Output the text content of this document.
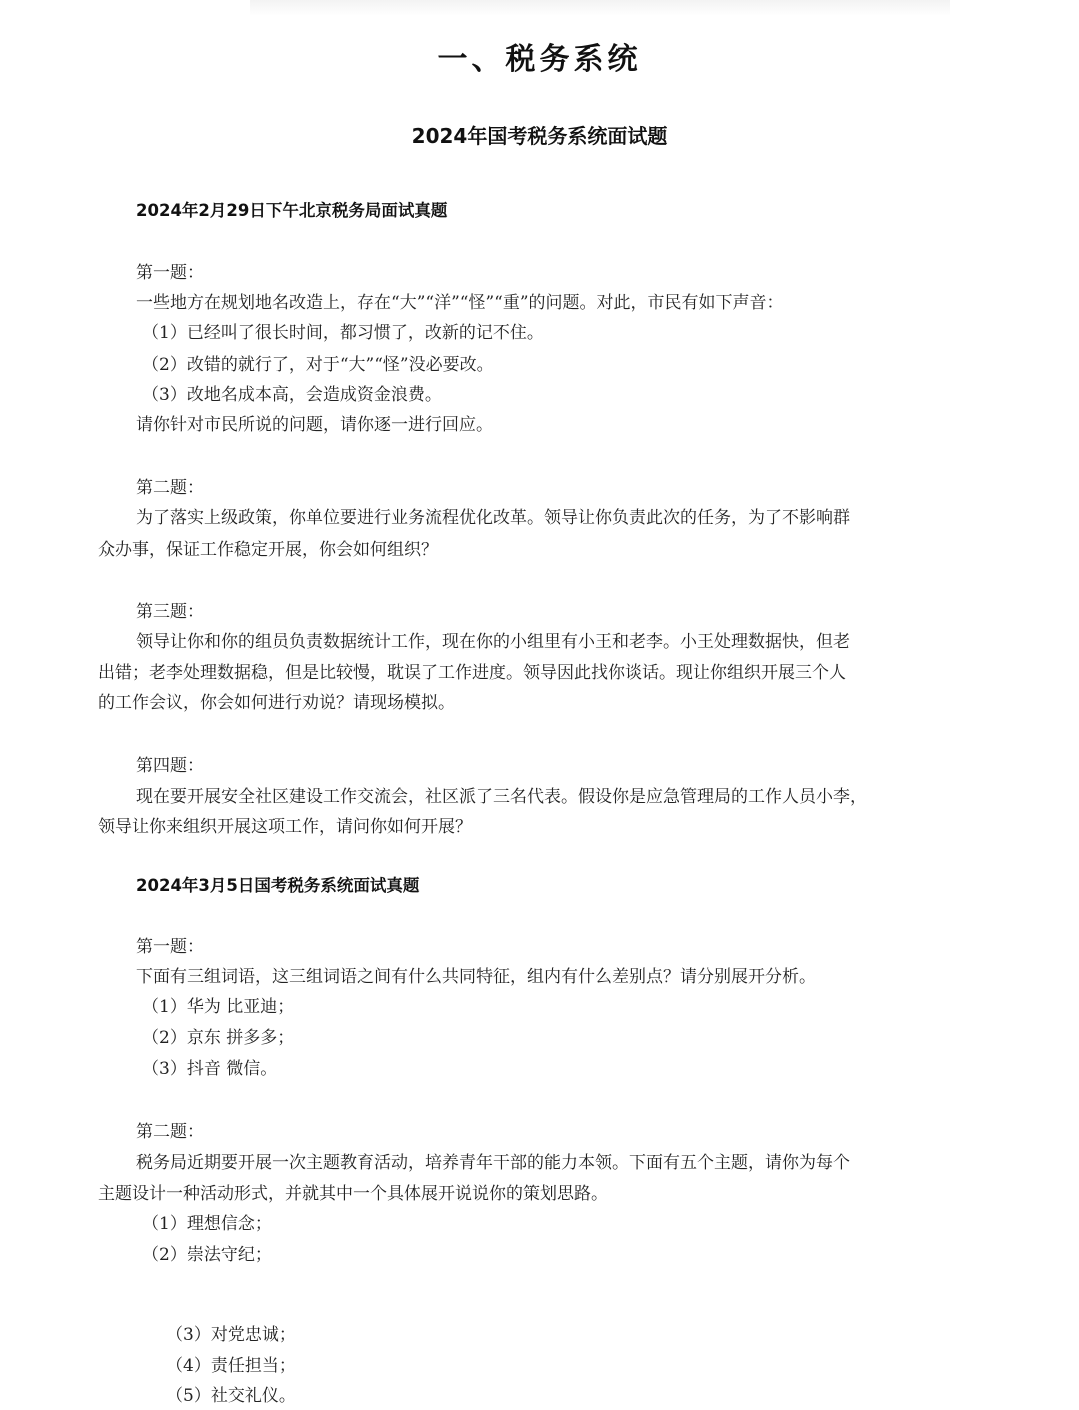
一、税务系统
2024年国考税务系统面试题
2024年2月29日下午北京税务局面试真题
第一题：
一些地方在规划地名改造上，存在“大”“洋”“怪”“重”的问题。对此，市民有如下声音：
（1）已经叫了很长时间，都习惯了，改新的记不住。
（2）改错的就行了，对于“大”“怪”没必要改。
（3）改地名成本高，会造成资金浪费。
请你针对市民所说的问题，请你逐一进行回应。
第二题：
为了落实上级政策，你单位要进行业务流程优化改革。领导让你负责此次的任务，为了不影响群
众办事，保证工作稳定开展，你会如何组织？
第三题：
领导让你和你的组员负责数据统计工作，现在你的小组里有小王和老李。小王处理数据快，但老
出错；老李处理数据稳，但是比较慢，耽误了工作进度。领导因此找你谈话。现让你组织开展三个人
的工作会议，你会如何进行劝说？请现场模拟。
第四题：
现在要开展安全社区建设工作交流会，社区派了三名代表。假设你是应急管理局的工作人员小李，
领导让你来组织开展这项工作，请问你如何开展？
2024年3月5日国考税务系统面试真题
第一题：
下面有三组词语，这三组词语之间有什么共同特征，组内有什么差别点？请分别展开分析。
（1）华为 比亚迪；
（2）京东 拼多多；
（3）抖音 微信。
第二题：
税务局近期要开展一次主题教育活动，培养青年干部的能力本领。下面有五个主题，请你为每个
主题设计一种活动形式，并就其中一个具体展开说说你的策划思路。
（1）理想信念；
（2）崇法守纪；
（3）对党忠诚；
（4）责任担当；
（5）社交礼仪。
